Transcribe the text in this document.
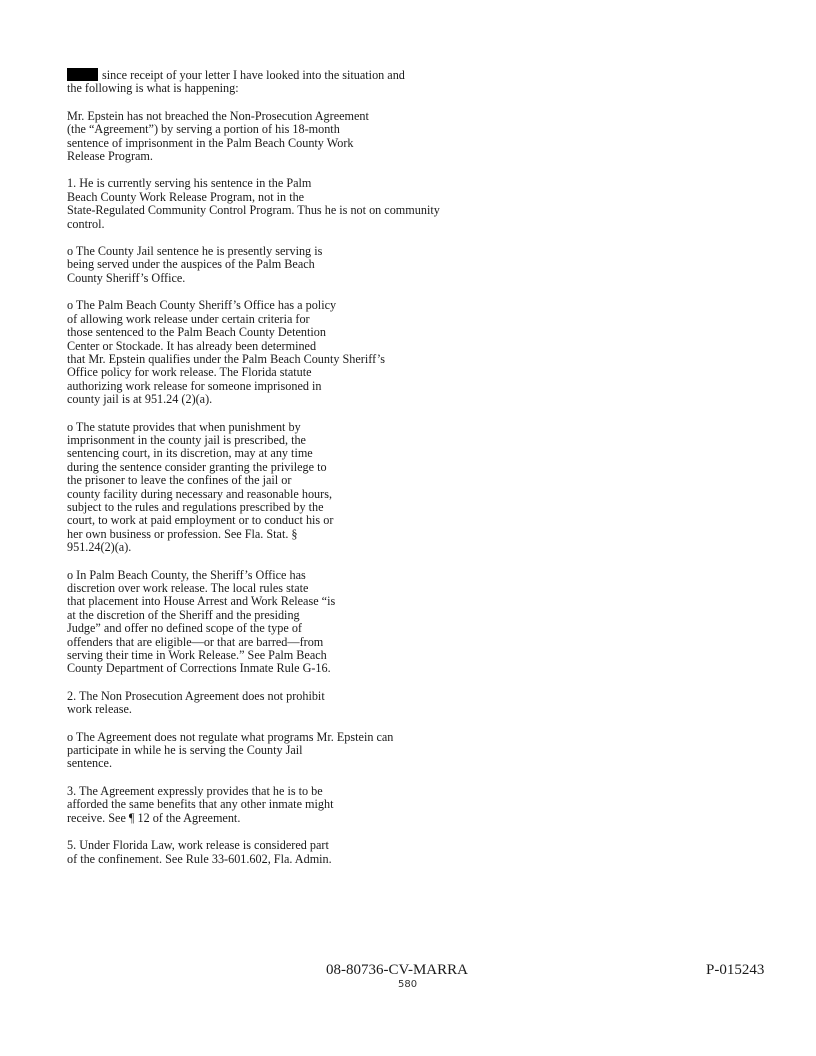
since receipt of your letter I have looked into the situation and
the following is what is happening:

Mr. Epstein has not breached the Non-Prosecution Agreement
(the “Agreement”) by serving a portion of his 18-month
sentence of imprisonment in the Palm Beach County Work
Release Program.

1. He is currently serving his sentence in the Palm
Beach County Work Release Program, not in the
State-Regulated Community Control Program. Thus he is not on community
control.

o The County Jail sentence he is presently serving is
being served under the auspices of the Palm Beach
County Sheriff’s Office.

o The Palm Beach County Sheriff’s Office has a policy
of allowing work release under certain criteria for
those sentenced to the Palm Beach County Detention
Center or Stockade. It has already been determined
that Mr. Epstein qualifies under the Palm Beach County Sheriff’s
Office policy for work release. The Florida statute
authorizing work release for someone imprisoned in
county jail is at 951.24 (2)(a).

o The statute provides that when punishment by
imprisonment in the county jail is prescribed, the
sentencing court, in its discretion, may at any time
during the sentence consider granting the privilege to
the prisoner to leave the confines of the jail or
county facility during necessary and reasonable hours,
subject to the rules and regulations prescribed by the
court, to work at paid employment or to conduct his or
her own business or profession. See Fla. Stat. §
951.24(2)(a).

o In Palm Beach County, the Sheriff’s Office has
discretion over work release. The local rules state
that placement into House Arrest and Work Release “is
at the discretion of the Sheriff and the presiding
Judge” and offer no defined scope of the type of
offenders that are eligible—or that are barred—from
serving their time in Work Release.” See Palm Beach
County Department of Corrections Inmate Rule G-16.

2. The Non Prosecution Agreement does not prohibit
work release.

o The Agreement does not regulate what programs Mr. Epstein can
participate in while he is serving the County Jail
sentence.

3. The Agreement expressly provides that he is to be
afforded the same benefits that any other inmate might
receive. See ¶ 12 of the Agreement.

5. Under Florida Law, work release is considered part
of the confinement. See Rule 33-601.602, Fla. Admin.

08-80736-CV-MARRA	P-015243
580
